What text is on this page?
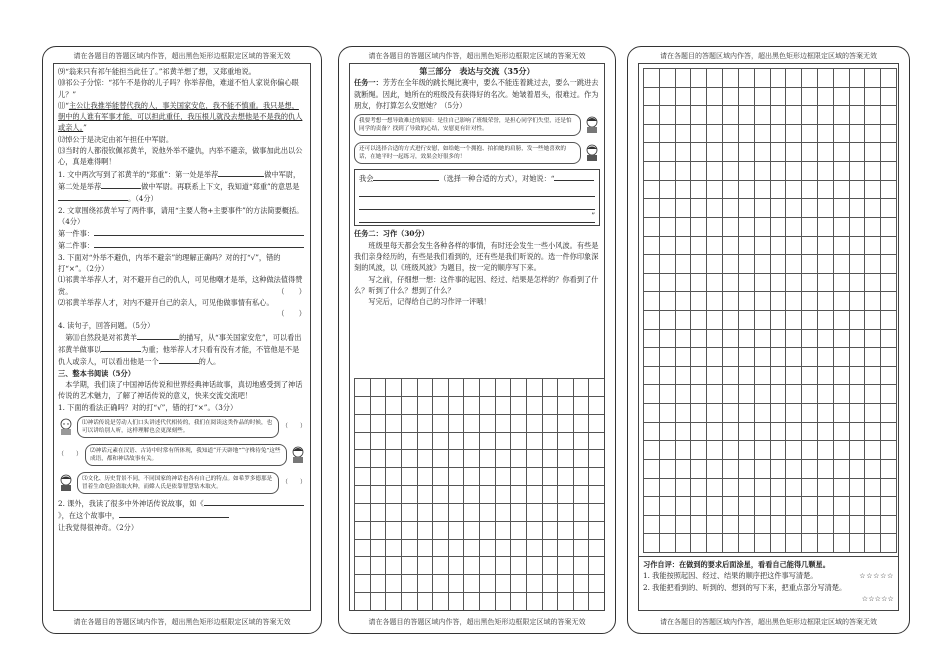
请在各题目的答题区域内作答，超出黑色矩形边框限定区域的答案无效

⑼“翁来只有祁午能担当此任了。”祁黄羊想了想，又郑重地说。

⑽祁公子分惊：“祁午不是你的儿子吗？你举荐他，难道不怕人家说你偏心眼儿？”

⑾“主公让我推举能替代我的人，事关国家安危，我不能不慎重。我只是想，朝中的人谁有军事才能，可以担此重任，我压根儿就没去想他是不是我的仇人或亲人。”

⑿悼公于是决定由祁午担任中军尉。

⒀当时的人都很钦佩祁黄羊，说他外举不避仇，内举不避亲，做事加此出以公心，真是难得啊！

1. 文中两次写到了祁黄羊的“郑重”：第一处是举荐	做中军尉，第二处是举荐	做中军尉。再联系上下文，我知道“郑重”的意思是。（4分）

2. 文章围绕祁黄羊写了两件事，请用“主要人物+主要事件”的方法简要概括。（4分）

第一件事：

第二件事：

3. 下面对“外举不避仇，内举不避亲”的理解正确吗？对的打“√”，错的打“×”。（2分）

⑴祁黄羊举荐人才，对不避开自己的仇人，可见他嘲才是举，这种做法值得赞赏。	（　　）

⑵祁黄羊举荐人才，对内不避开自己的亲人，可见他做事情有私心。

（　　）

4. 读句子，回答问题。（5分）

　第⑾自然段是对祁黄羊	的描写，从“事关国家安危”，可以看出祁黄羊做事以	为重；他举荐人才只看有没有才能，不管他是不是仇人或亲人，可以看出他是一个	的人。

三、整本书阅读（5分）

　本学期，我们读了中国神话传说和世界经典神话故事，真切地感受到了神话传说的艺术魅力，了解了神话传说的意义，快来交流交流吧！

1. 下面的看法正确吗？对的打“√”，错的打“×”。（3分）

⑴神话传说是劳动人们口头讲述代代相传的，我们在阅读这类作品的时候，也可以讲给别人听，这样理解也会更深刻些。
（　　）
（　　）
⑵神话元素在汉语、古诗中时常有所体现，我知道“开天辟地”“守株待兔”这些成语，都和神话故事有关。
⑶文化、历史背景不同，不同国家的神话也各有自己的特点。如希罗多德那是冒着生命危险盗取火种，而嫦人氏是依靠智慧钻木取火。
（　　）

2. 课外，我读了很多中外神话传说故事，如《》，在这个故事中，

让我觉得很神奇。（2分）

请在各题目的答题区域内作答，超出黑色矩形边框限定区域的答案无效
请在各题目的答题区域内作答，超出黑色矩形边框限定区域的答案无效

第三部分　表达与交流（35分）

任务一：芳芳在全年级的跳长绳比赛中，要么不能连着跳过去，要么一跳进去就断绳。因此，她所在的班级没有获得好的名次。她皱着眉头，很难过。作为朋友，你打算怎么安慰她？（5分）

我要考想一想导致难过的原因：是往自己影响了班级荣誉，是担心同学们失望，还是怕同学的责备？找到了导致的心结，安慰更有针对性。
还可以选择合适的方式进行安慰，如给她一个拥抱、拍拍她的肩膀，发一些她喜欢的话，在她平时一起练习，效果会好很多的！

我会	（选择一种合适的方式），对她说：“

”

任务二：习作（30分）

　　班级里每天都会发生各种各样的事情，有时还会发生一些小风波。有些是我们亲身经历的，有些是我们看到的，还有些是我们听说的。选一件你印象深刻的风波，以《班级风波》为题目，按一定的顺序写下来。

　　写之前，仔细想一想：这件事的起因、经过、结果是怎样的？你看到了什么？听到了什么？想到了什么？

　　写完后，记得给自己的习作评一评哦！

请在各题目的答题区域内作答，超出黑色矩形边框限定区域的答案无效
请在各题目的答题区域内作答，超出黑色矩形边框限定区域的答案无效

习作自评：在做到的要求后面涂星，看看自己能得几颗星。

1. 我能按照起因、经过、结果的顺序把这件事写清楚。	☆☆☆☆☆

2. 我能把看到的、听到的、想到的写下来，把重点部分写清楚。

☆☆☆☆☆

请在各题目的答题区域内作答，超出黑色矩形边框限定区域的答案无效
